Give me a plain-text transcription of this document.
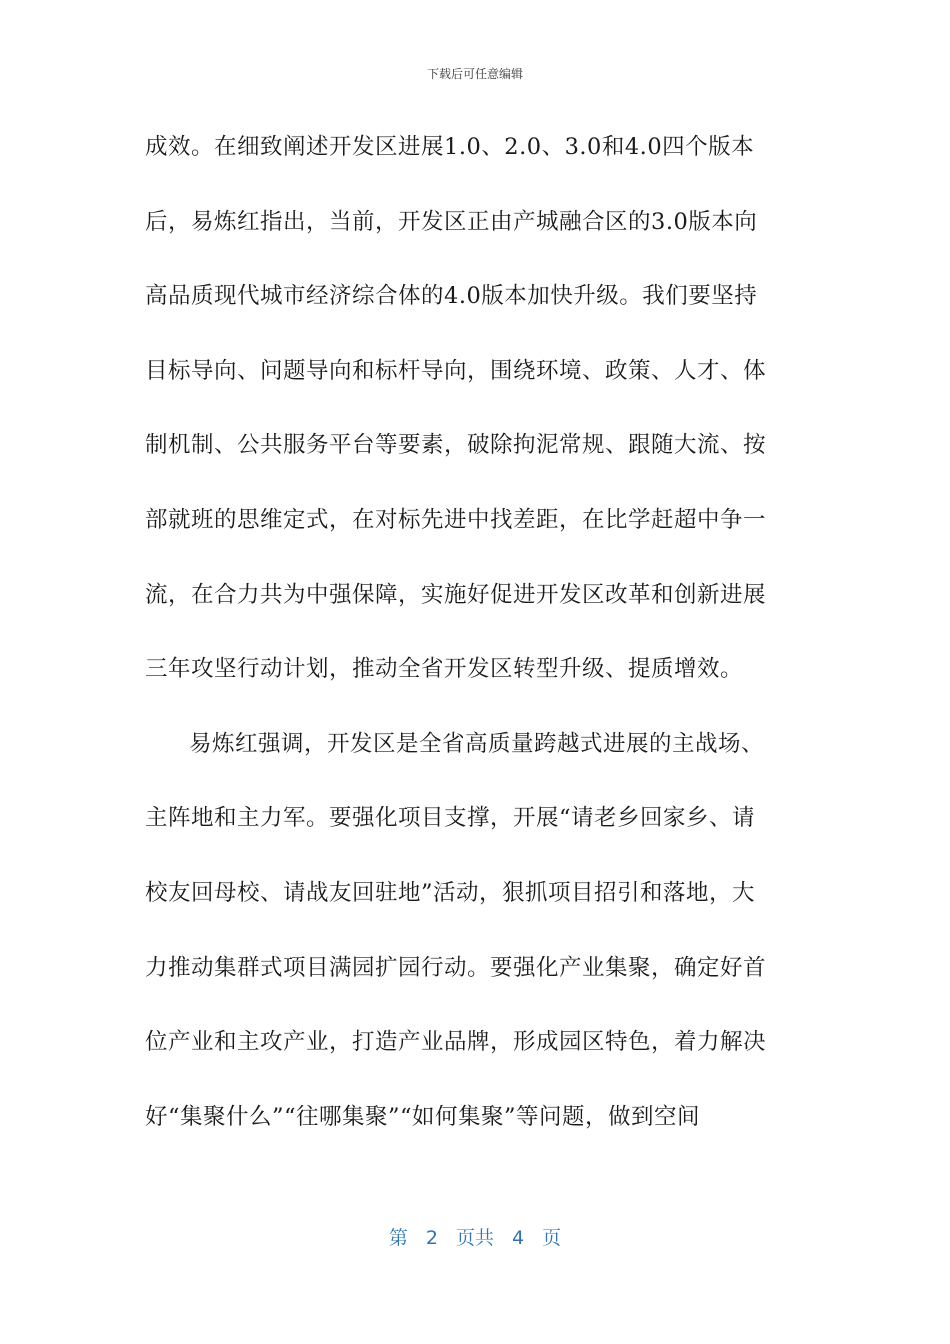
下载后可任意编辑
成效。在细致阐述开发区进展1.0、2.0、3.0和4.0四个版本
后，易炼红指出，当前，开发区正由产城融合区的3.0版本向
高品质现代城市经济综合体的4.0版本加快升级。我们要坚持
目标导向、问题导向和标杆导向，围绕环境、政策、人才、体
制机制、公共服务平台等要素，破除拘泥常规、跟随大流、按
部就班的思维定式，在对标先进中找差距，在比学赶超中争一
流，在合力共为中强保障，实施好促进开发区改革和创新进展
三年攻坚行动计划，推动全省开发区转型升级、提质增效。
易炼红强调，开发区是全省高质量跨越式进展的主战场、
主阵地和主力军。要强化项目支撑，开展“请老乡回家乡、请
校友回母校、请战友回驻地”活动，狠抓项目招引和落地，大
力推动集群式项目满园扩园行动。要强化产业集聚，确定好首
位产业和主攻产业，打造产业品牌，形成园区特色，着力解决
好“集聚什么”“往哪集聚”“如何集聚”等问题，做到空间
第 2 页共 4 页
